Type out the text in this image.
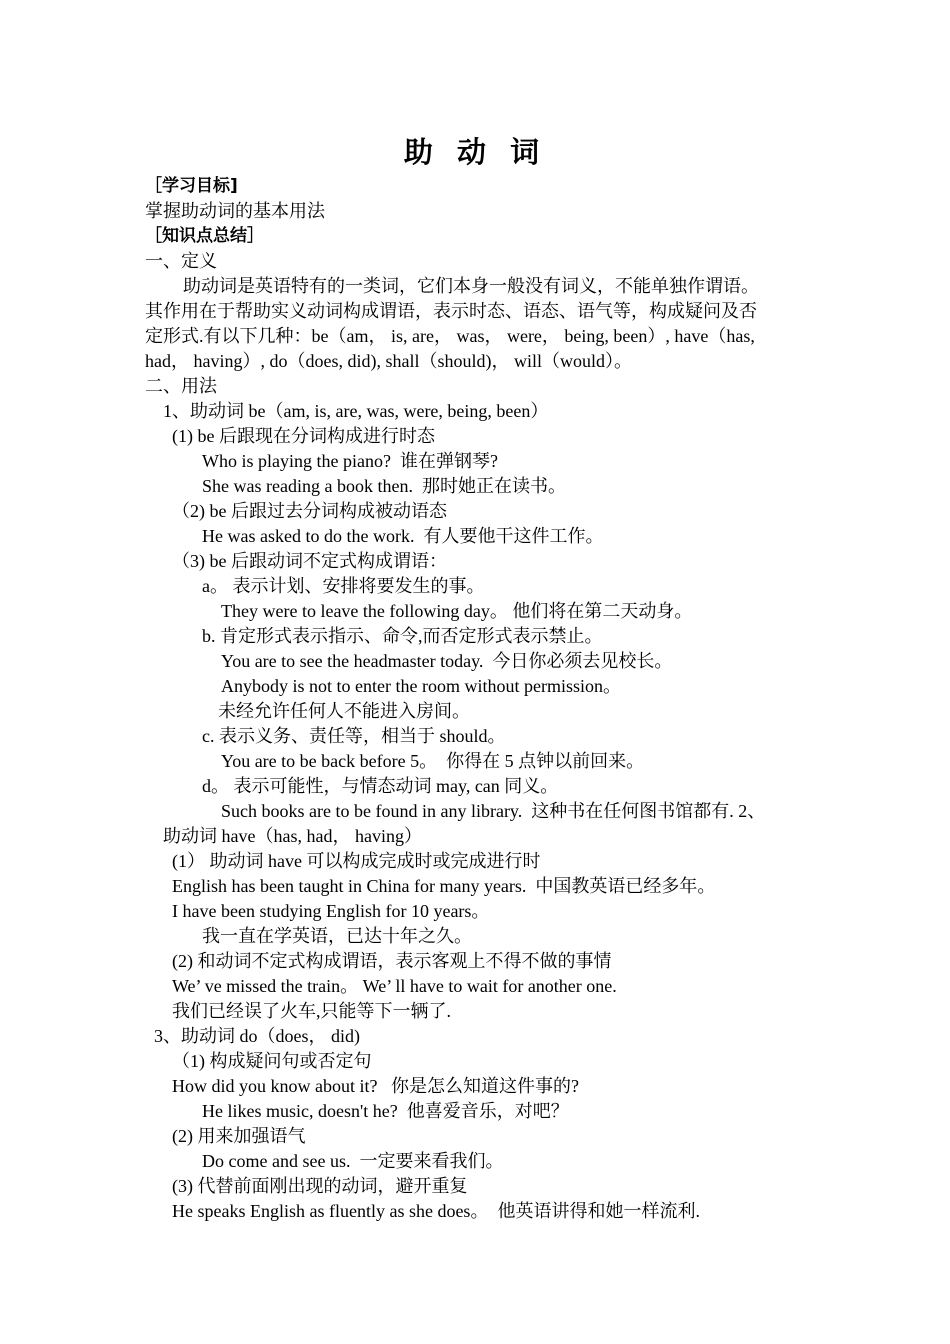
助 动 词
［学习目标]
掌握助动词的基本用法
［知识点总结］
一、定义
助动词是英语特有的一类词，它们本身一般没有词义，不能单独作谓语。
其作用在于帮助实义动词构成谓语，表示时态、语态、语气等，构成疑问及否
定形式.有以下几种：be（am， is, are， was， were， being, been）, have（has,
had， having）, do（does, did), shall（should)， will（would）。
二、用法
1、助动词 be（am, is, are, was, were, being, been）
(1) be 后跟现在分词构成进行时态
Who is playing the piano?  谁在弹钢琴?
She was reading a book then.  那时她正在读书。
（2) be 后跟过去分词构成被动语态
He was asked to do the work.  有人要他干这件工作。
（3) be 后跟动词不定式构成谓语：
a。 表示计划、安排将要发生的事。
They were to leave the following day。 他们将在第二天动身。
b. 肯定形式表示指示、命令,而否定形式表示禁止。
You are to see the headmaster today.  今日你必须去见校长。
Anybody is not to enter the room without permission。
未经允许任何人不能进入房间。
c. 表示义务、责任等，相当于 should。
You are to be back before 5。  你得在 5 点钟以前回来。
d。 表示可能性，与情态动词 may, can 同义。
Such books are to be found in any library.  这种书在任何图书馆都有. 2、
助动词 have（has, had， having）
(1） 助动词 have 可以构成完成时或完成进行时
English has been taught in China for many years.  中国教英语已经多年。
I have been studying English for 10 years。
我一直在学英语，已达十年之久。
(2) 和动词不定式构成谓语，表示客观上不得不做的事情
We’ ve missed the train。 We’ ll have to wait for another one.
我们已经误了火车,只能等下一辆了.
3、助动词 do（does， did)
（1) 构成疑问句或否定句
How did you know about it?   你是怎么知道这件事的?
He likes music, doesn't he?  他喜爱音乐，对吧？
(2) 用来加强语气
Do come and see us.  一定要来看我们。
(3) 代替前面刚出现的动词，避开重复
He speaks English as fluently as she does。  他英语讲得和她一样流利.
